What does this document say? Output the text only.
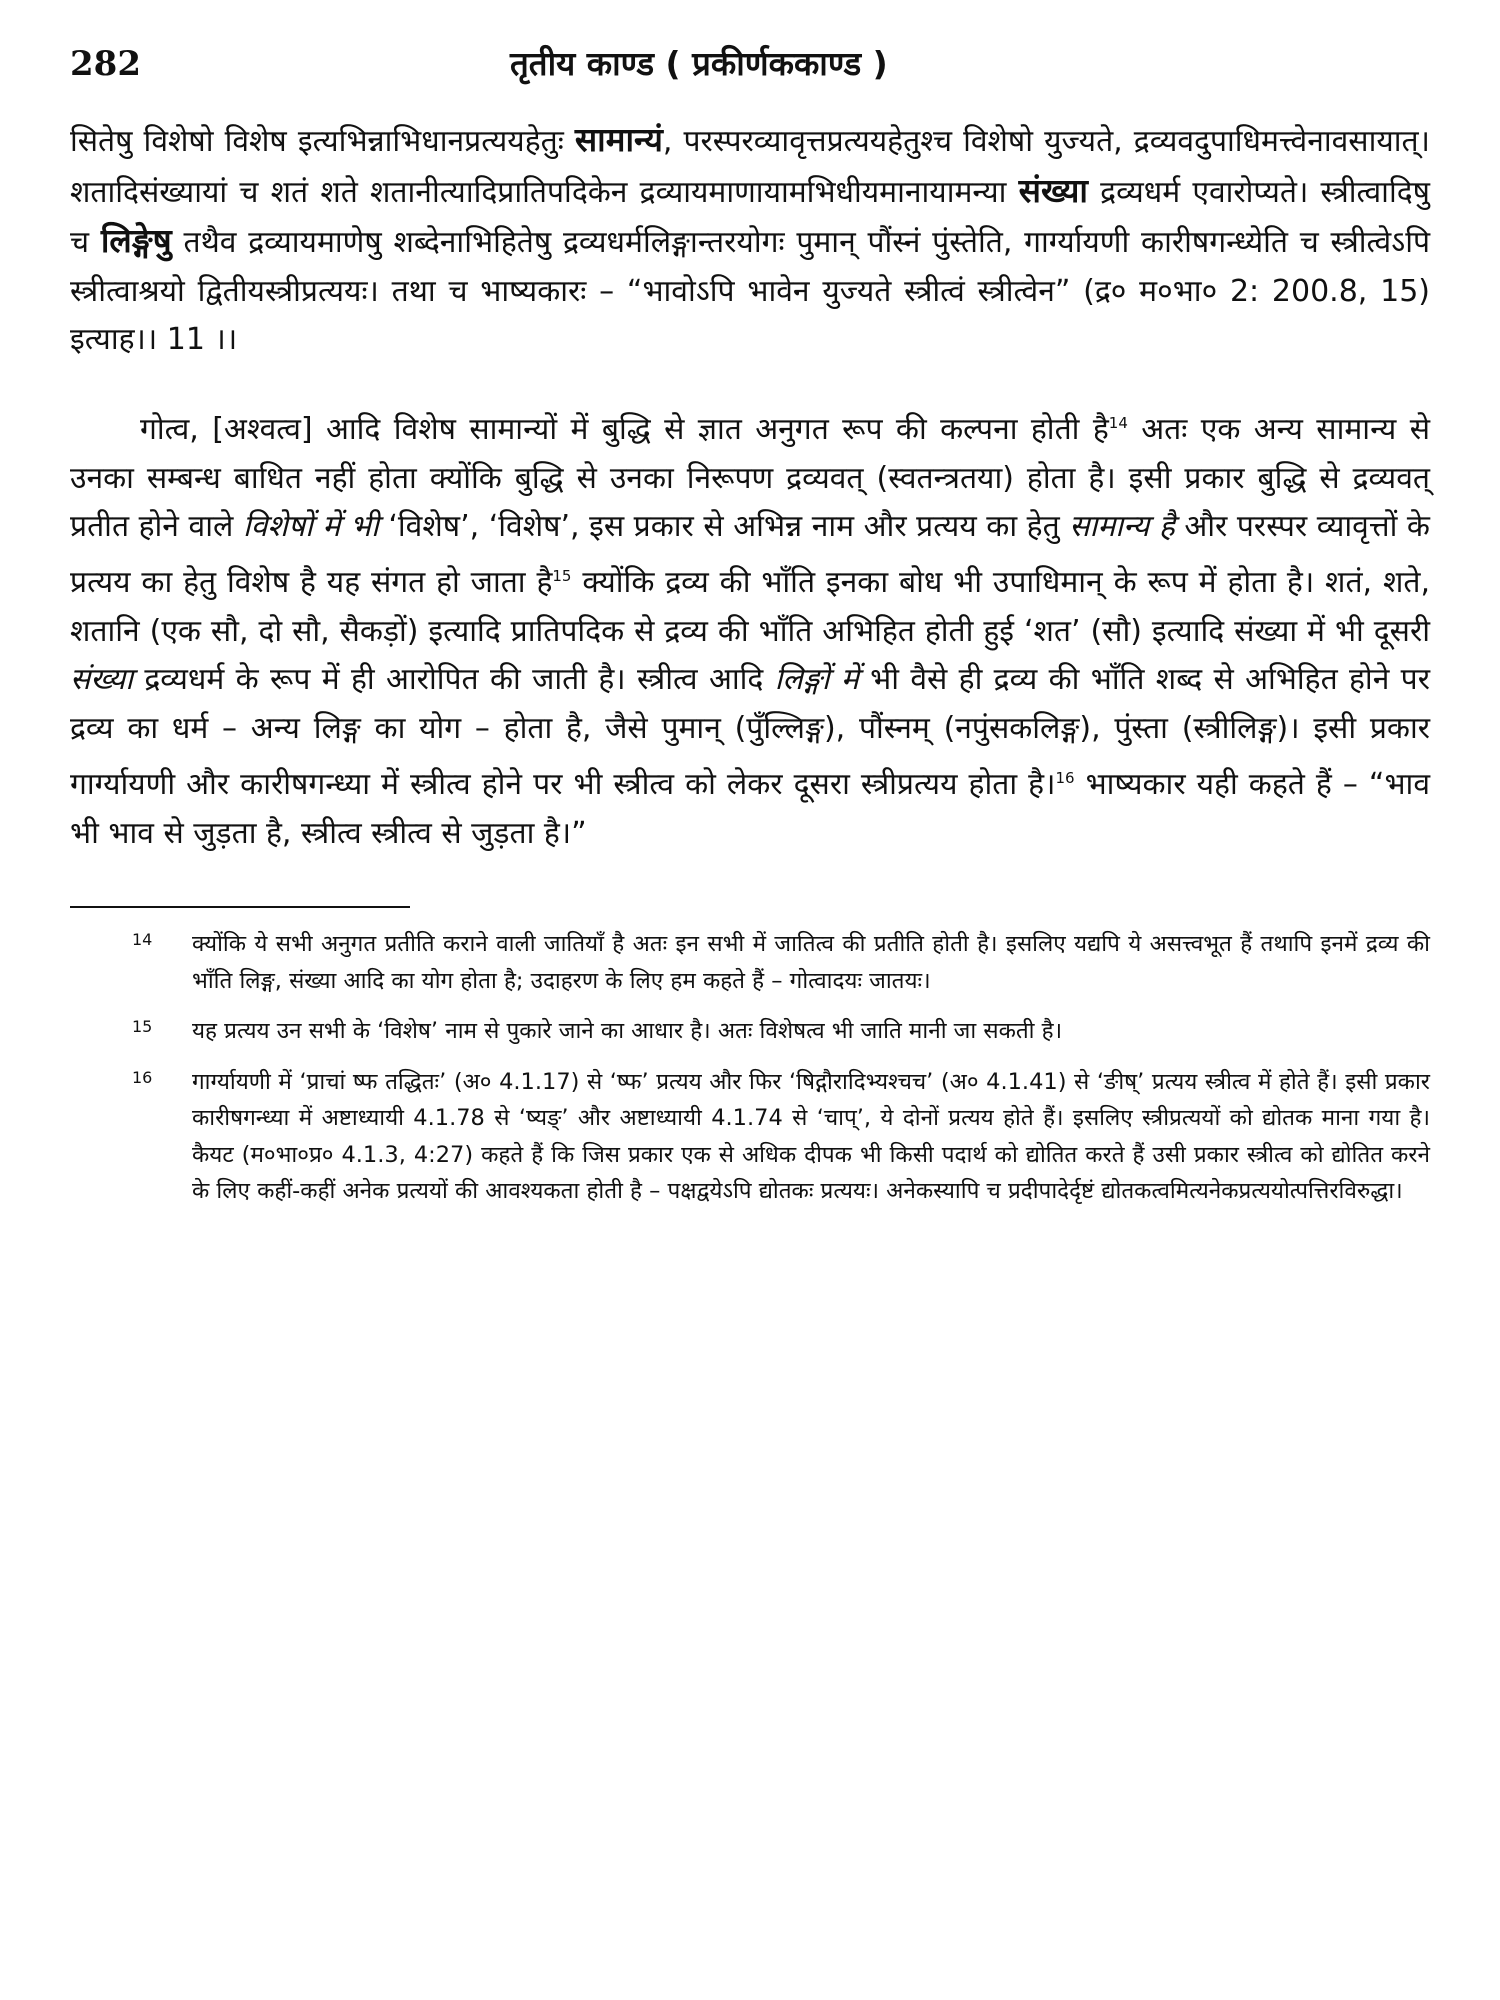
282	तृतीय काण्ड ( प्रकीर्णककाण्ड )

सितेषु विशेषो विशेष इत्यभिन्नाभिधानप्रत्ययहेतुः सामान्यं, परस्परव्यावृत्तप्रत्ययहेतुश्च विशेषो युज्यते, द्रव्यवदुपाधिमत्त्वेनावसायात्। शतादिसंख्यायां च शतं शते शतानीत्यादिप्रातिपदिकेन द्रव्यायमाणायामभिधीयमानायामन्या संख्या द्रव्यधर्म एवारोप्यते। स्त्रीत्वादिषु च लिङ्गेषु तथैव द्रव्यायमाणेषु शब्देनाभिहितेषु द्रव्यधर्मलिङ्गान्तरयोगः पुमान् पौंस्नं पुंस्तेति, गार्ग्यायणी कारीषगन्ध्येति च स्त्रीत्वेऽपि स्त्रीत्वाश्रयो द्वितीयस्त्रीप्रत्ययः। तथा च भाष्यकारः – “भावोऽपि भावेन युज्यते स्त्रीत्वं स्त्रीत्वेन” (द्र० म०भा० 2: 200.8, 15) इत्याह।। 11 ।।

गोत्व, [अश्वत्व] आदि विशेष सामान्यों में बुद्धि से ज्ञात अनुगत रूप की कल्पना होती है$^{14}$ अतः एक अन्य सामान्य से उनका सम्बन्ध बाधित नहीं होता क्योंकि बुद्धि से उनका निरूपण द्रव्यवत् (स्वतन्त्रतया) होता है। इसी प्रकार बुद्धि से द्रव्यवत् प्रतीत होने वाले विशेषों में भी ‘विशेष’, ‘विशेष’, इस प्रकार से अभिन्न नाम और प्रत्यय का हेतु सामान्य है और परस्पर व्यावृत्तों के प्रत्यय का हेतु विशेष है यह संगत हो जाता है$^{15}$ क्योंकि द्रव्य की भाँति इनका बोध भी उपाधिमान् के रूप में होता है। शतं, शते, शतानि (एक सौ, दो सौ, सैकड़ों) इत्यादि प्रातिपदिक से द्रव्य की भाँति अभिहित होती हुई ‘शत’ (सौ) इत्यादि संख्या में भी दूसरी संख्या द्रव्यधर्म के रूप में ही आरोपित की जाती है। स्त्रीत्व आदि लिङ्गों में भी वैसे ही द्रव्य की भाँति शब्द से अभिहित होने पर द्रव्य का धर्म – अन्य लिङ्ग का योग – होता है, जैसे पुमान् (पुँल्लिङ्ग), पौंस्नम् (नपुंसकलिङ्ग), पुंस्ता (स्त्रीलिङ्ग)। इसी प्रकार गार्ग्यायणी और कारीषगन्ध्या में स्त्रीत्व होने पर भी स्त्रीत्व को लेकर दूसरा स्त्रीप्रत्यय होता है।$^{16}$ भाष्यकार यही कहते हैं – “भाव भी भाव से जुड़ता है, स्त्रीत्व स्त्रीत्व से जुड़ता है।”

14	क्योंकि ये सभी अनुगत प्रतीति कराने वाली जातियाँ है अतः इन सभी में जातित्व की प्रतीति होती है। इसलिए यद्यपि ये असत्त्वभूत हैं तथापि इनमें द्रव्य की भाँति लिङ्ग, संख्या आदि का योग होता है; उदाहरण के लिए हम कहते हैं – गोत्वादयः जातयः।
15	यह प्रत्यय उन सभी के ‘विशेष’ नाम से पुकारे जाने का आधार है। अतः विशेषत्व भी जाति मानी जा सकती है।
16	गार्ग्यायणी में ‘प्राचां ष्फ तद्धितः’ (अ० 4.1.17) से ‘ष्फ’ प्रत्यय और फिर ‘षिद्गौरादिभ्यश्चच’ (अ० 4.1.41) से ‘ङीष्’ प्रत्यय स्त्रीत्व में होते हैं। इसी प्रकार कारीषगन्ध्या में अष्टाध्यायी 4.1.78 से ‘ष्यङ्’ और अष्टाध्यायी 4.1.74 से ‘चाप्’, ये दोनों प्रत्यय होते हैं। इसलिए स्त्रीप्रत्ययों को द्योतक माना गया है। कैयट (म०भा०प्र० 4.1.3, 4:27) कहते हैं कि जिस प्रकार एक से अधिक दीपक भी किसी पदार्थ को द्योतित करते हैं उसी प्रकार स्त्रीत्व को द्योतित करने के लिए कहीं-कहीं अनेक प्रत्ययों की आवश्यकता होती है – पक्षद्वयेऽपि द्योतकः प्रत्ययः। अनेकस्यापि च प्रदीपादेर्दृष्टं द्योतकत्वमित्यनेकप्रत्ययोत्पत्तिरविरुद्धा।
